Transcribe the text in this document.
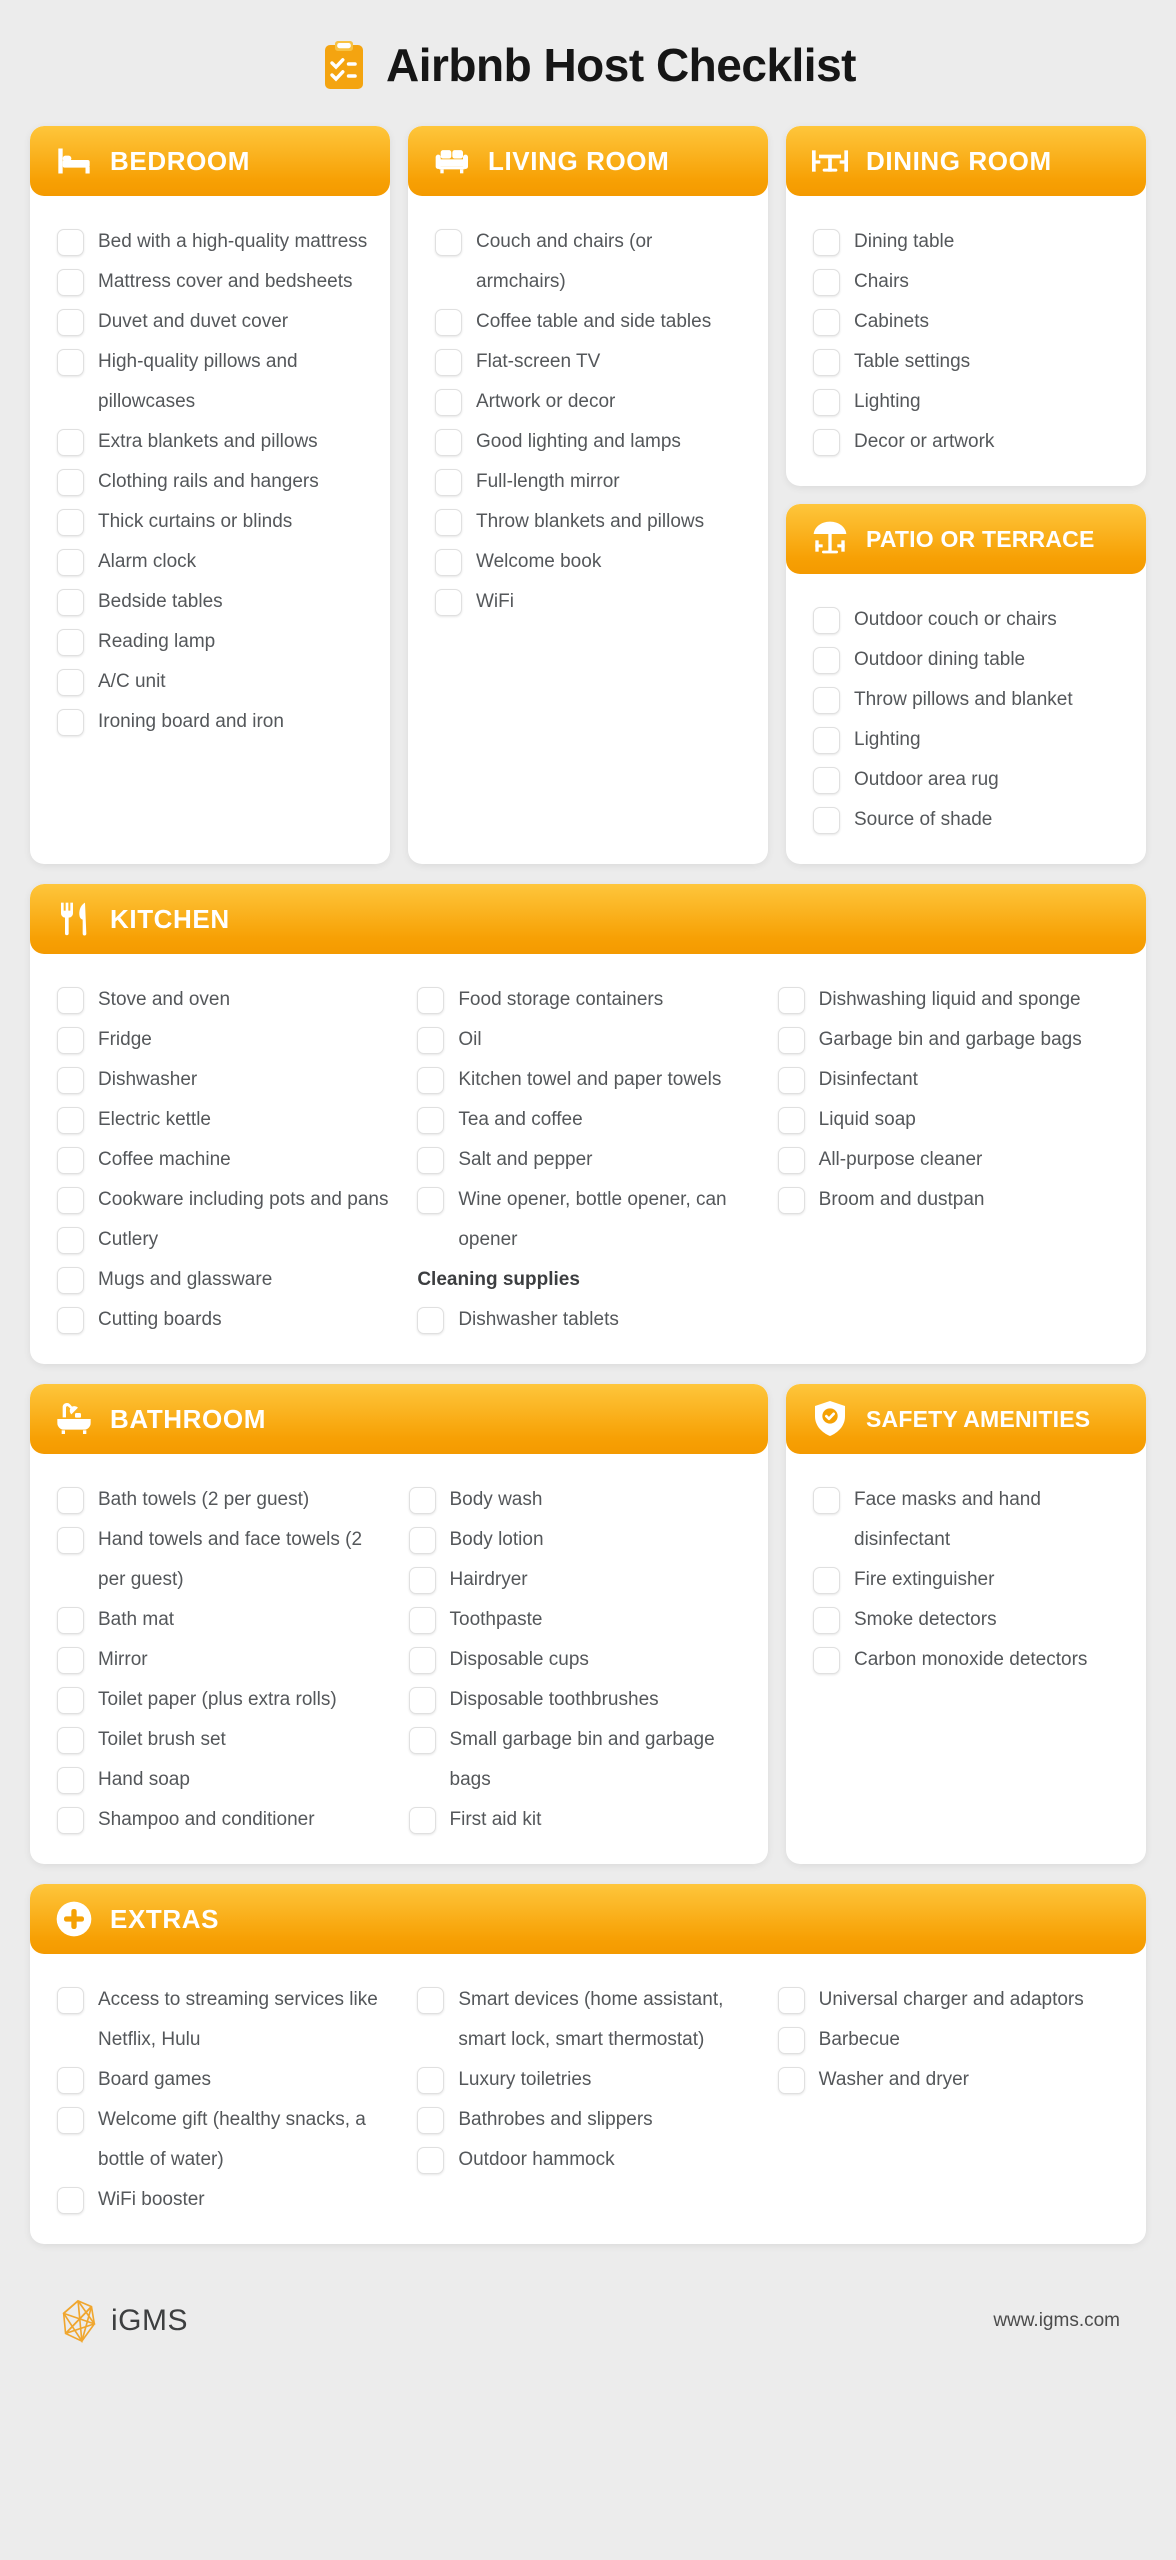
Airbnb Host Checklist
BEDROOM
Bed with a high-quality mattress
Mattress cover and bedsheets
Duvet and duvet cover
High-quality pillows and pillowcases
Extra blankets and pillows
Clothing rails and hangers
Thick curtains or blinds
Alarm clock
Bedside tables
Reading lamp
A/C unit
Ironing board and iron
LIVING ROOM
Couch and chairs (or armchairs)
Coffee table and side tables
Flat-screen TV
Artwork or decor
Good lighting and lamps
Full-length mirror
Throw blankets and pillows
Welcome book
WiFi
DINING ROOM
Dining table
Chairs
Cabinets
Table settings
Lighting
Decor or artwork
PATIO OR TERRACE
Outdoor couch or chairs
Outdoor dining table
Throw pillows and blanket
Lighting
Outdoor area rug
Source of shade
KITCHEN
Stove and oven
Fridge
Dishwasher
Electric kettle
Coffee machine
Cookware including pots and pans
Cutlery
Mugs and glassware
Cutting boards
Food storage containers
Oil
Kitchen towel and paper towels
Tea and coffee
Salt and pepper
Wine opener, bottle opener, can opener
Cleaning supplies
Dishwasher tablets
Dishwashing liquid and sponge
Garbage bin and garbage bags
Disinfectant
Liquid soap
All-purpose cleaner
Broom and dustpan
BATHROOM
Bath towels (2 per guest)
Hand towels and face towels (2 per guest)
Bath mat
Mirror
Toilet paper (plus extra rolls)
Toilet brush set
Hand soap
Shampoo and conditioner
Body wash
Body lotion
Hairdryer
Toothpaste
Disposable cups
Disposable toothbrushes
Small garbage bin and garbage bags
First aid kit
SAFETY AMENITIES
Face masks and hand disinfectant
Fire extinguisher
Smoke detectors
Carbon monoxide detectors
EXTRAS
Access to streaming services like Netflix, Hulu
Board games
Welcome gift (healthy snacks, a bottle of water)
WiFi booster
Smart devices (home assistant, smart lock, smart thermostat)
Luxury toiletries
Bathrobes and slippers
Outdoor hammock
Universal charger and adaptors
Barbecue
Washer and dryer
iGMS	www.igms.com
